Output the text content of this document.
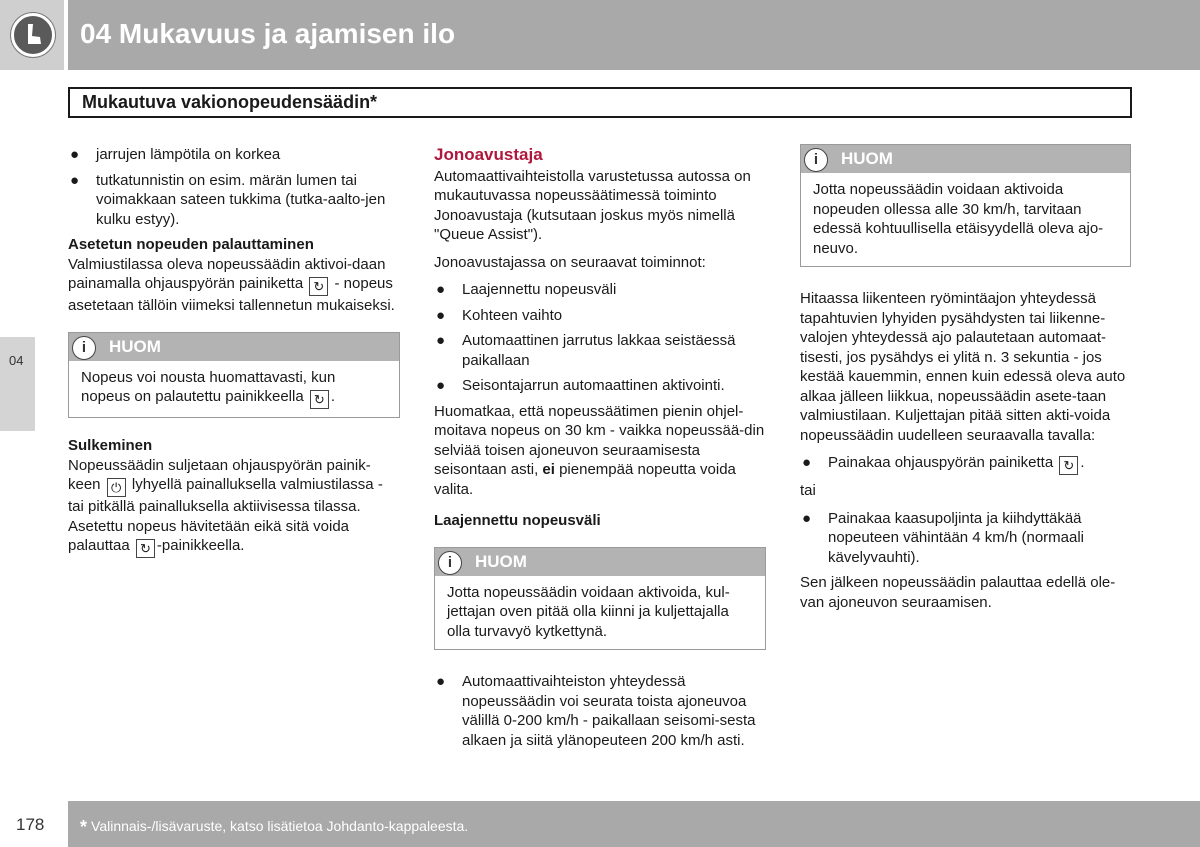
04 Mukavuus ja ajamisen ilo
Mukautuva vakionopeudensäädin*
04
● jarrujen lämpötila on korkea
● tutkatunnistin on esim. märän lumen tai voimakkaan sateen tukkima (tutka-aalto-jen kulku estyy).
Asetetun nopeuden palauttaminen

Valmiustilassa oleva nopeussäädin aktivoi-daan painamalla ohjauspyörän painiketta ↻ - nopeus asetetaan tällöin viimeksi tallennetun mukaiseksi.

i	HUOM
Nopeus voi nousta huomattavasti, kun nopeus on palautettu painikkeella ↻ .
Sulkeminen

Nopeussäädin suljetaan ohjauspyörän painik-keen ⏻ lyhyellä painalluksella valmiustilassa - tai pitkällä painalluksella aktiivisessa tilassa. Asetettu nopeus hävitetään eikä sitä voida palauttaa ↻ -painikkeella.

Jonoavustaja

Automaattivaihteistolla varustetussa autossa on mukautuvassa nopeussäätimessä toiminto Jonoavustaja (kutsutaan joskus myös nimellä "Queue Assist").

Jonoavustajassa on seuraavat toiminnot:

● Laajennettu nopeusväli
● Kohteen vaihto
● Automaattinen jarrutus lakkaa seistäessä paikallaan
● Seisontajarrun automaattinen aktivointi.

Huomatkaa, että nopeussäätimen pienin ohjel-moitava nopeus on 30 km - vaikka nopeussää-din selviää toisen ajoneuvon seuraamisesta seisontaan asti, ei pienempää nopeutta voida valita.

Laajennettu nopeusväli
i	HUOM
Jotta nopeussäädin voidaan aktivoida, kul-jettajan oven pitää olla kiinni ja kuljettajalla olla turvavyö kytkettynä.
● Automaattivaihteiston yhteydessä nopeussäädin voi seurata toista ajoneuvoa välillä 0-200 km/h - paikallaan seisomi-sesta alkaen ja siitä ylänopeuteen 200 km/h asti.
i	HUOM
Jotta nopeussäädin voidaan aktivoida nopeuden ollessa alle 30 km/h, tarvitaan edessä kohtuullisella etäisyydellä oleva ajo-neuvo.

Hitaassa liikenteen ryömintäajon yhteydessä tapahtuvien lyhyiden pysähdysten tai liikenne-valojen yhteydessä ajo palautetaan automaat-tisesti, jos pysähdys ei ylitä n. 3 sekuntia - jos kestää kauemmin, ennen kuin edessä oleva auto alkaa jälleen liikkua, nopeussäädin asete-taan valmiustilaan. Kuljettajan pitää sitten akti-voida nopeussäädin uudelleen seuraavalla tavalla:

● Painakaa ohjauspyörän painiketta ↻ .

tai

● Painakaa kaasupoljinta ja kiihdyttäkää nopeuteen vähintään 4 km/h (normaali kävelyvauhti).

Sen jälkeen nopeussäädin palauttaa edellä ole-van ajoneuvon seuraamisen.

178 * Valinnais-/lisävaruste, katso lisätietoa Johdanto-kappaleesta.
